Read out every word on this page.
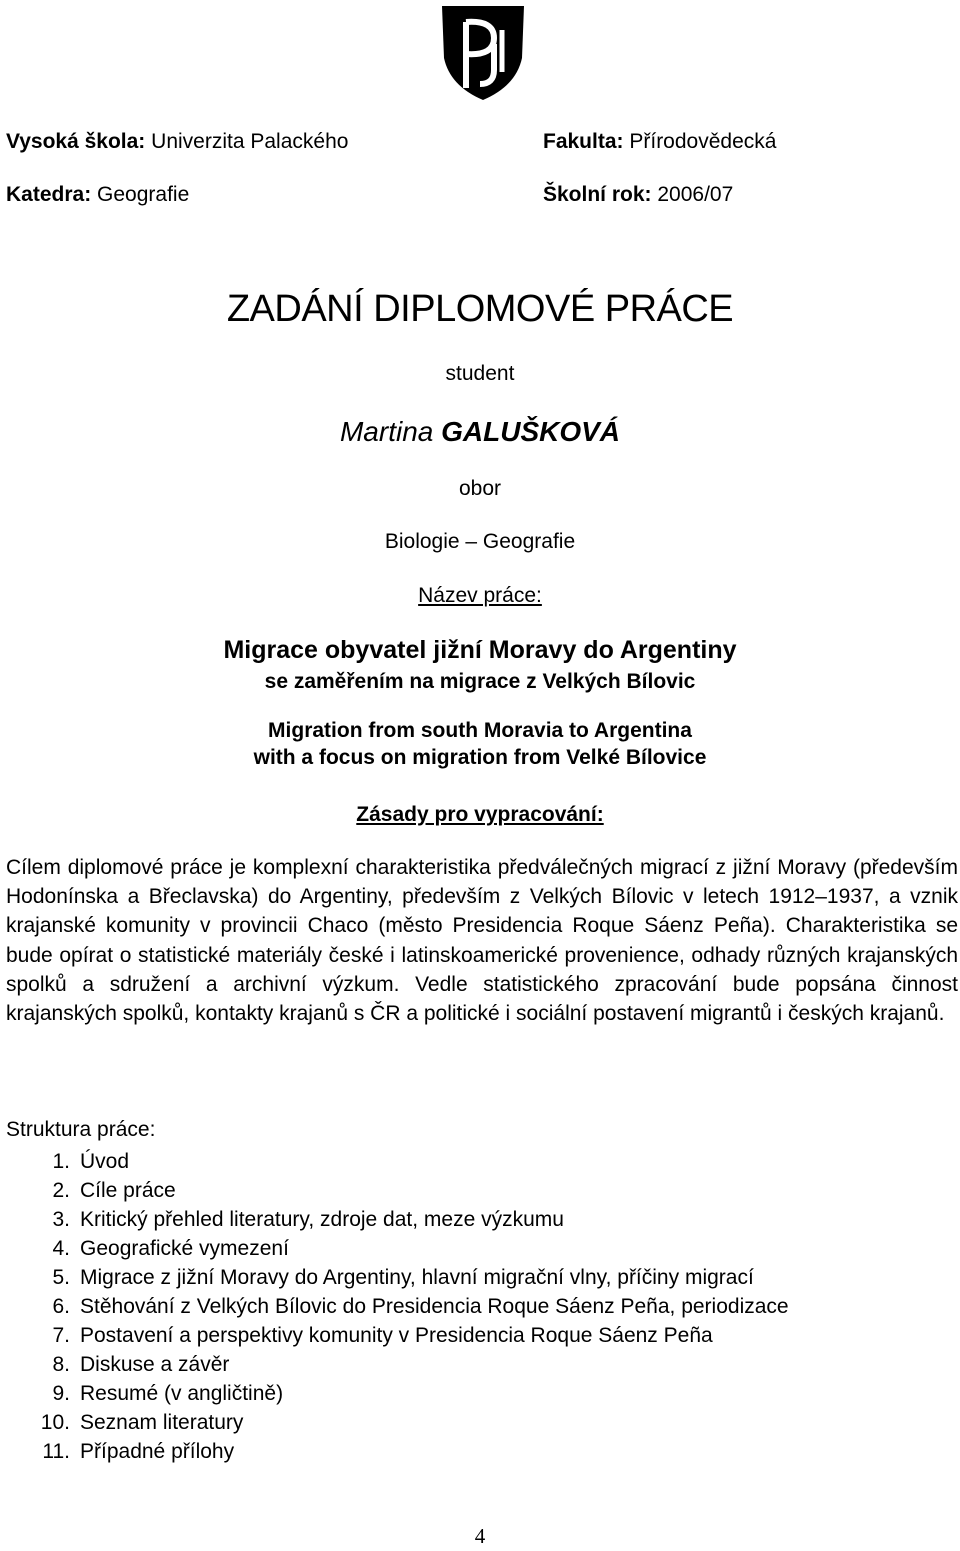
Vysoká škola: Univerzita Palackého	Fakulta: Přírodovědecká
Katedra: Geografie	Školní rok: 2006/07
ZADÁNÍ DIPLOMOVÉ PRÁCE
student
Martina GALUŠKOVÁ
obor
Biologie – Geografie
Název práce:
Migrace obyvatel jižní Moravy do Argentiny
se zaměřením na migrace z Velkých Bílovic
Migration from south Moravia to Argentina
with a focus on migration from Velké Bílovice
Zásady pro vypracování:
Cílem diplomové práce je komplexní charakteristika předválečných migrací z jižní Moravy (především Hodonínska a Břeclavska) do Argentiny, především z Velkých Bílovic v letech 1912–1937, a vznik krajanské komunity v provincii Chaco (město Presidencia Roque Sáenz Peña). Charakteristika se bude opírat o statistické materiály české i latinskoamerické provenience, odhady různých krajanských spolků a sdružení a archivní výzkum. Vedle statistického zpracování bude popsána činnost krajanských spolků, kontakty krajanů s ČR a politické i sociální postavení migrantů i českých krajanů.
Struktura práce:
1. Úvod
2. Cíle práce
3. Kritický přehled literatury, zdroje dat, meze výzkumu
4. Geografické vymezení
5. Migrace z jižní Moravy do Argentiny, hlavní migrační vlny, příčiny migrací
6. Stěhování z Velkých Bílovic do Presidencia Roque Sáenz Peña, periodizace
7. Postavení a perspektivy komunity v Presidencia Roque Sáenz Peña
8. Diskuse a závěr
9. Resumé (v angličtině)
10. Seznam literatury
11. Případné přílohy
4
